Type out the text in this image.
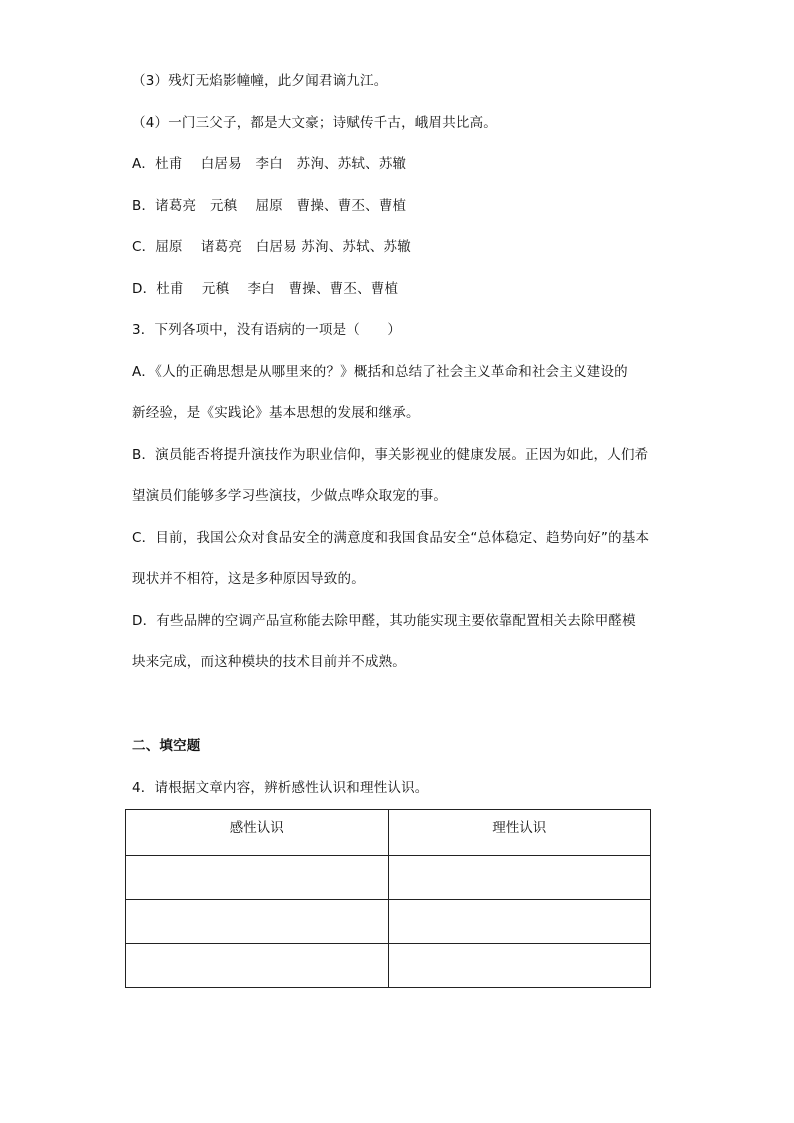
（3）残灯无焰影幢幢，此夕闻君谪九江。
（4）一门三父子，都是大文豪；诗赋传千古，峨眉共比高。
A．杜甫　 白居易　李白　苏洵、苏轼、苏辙
B．诸葛亮　元稹　 屈原　曹操、曹丕、曹植
C．屈原　 诸葛亮　白居易 苏洵、苏轼、苏辙
D．杜甫　 元稹　 李白　曹操、曹丕、曹植
3．下列各项中，没有语病的一项是（　　）
A．《人的正确思想是从哪里来的？》概括和总结了社会主义革命和社会主义建设的
新经验，是《实践论》基本思想的发展和继承。
B．演员能否将提升演技作为职业信仰，事关影视业的健康发展。正因为如此，人们希
望演员们能够多学习些演技，少做点哗众取宠的事。
C．目前，我国公众对食品安全的满意度和我国食品安全“总体稳定、趋势向好”的基本
现状并不相符，这是多种原因导致的。
D．有些品牌的空调产品宣称能去除甲醛，其功能实现主要依靠配置相关去除甲醛模
块来完成，而这种模块的技术目前并不成熟。
二、填空题
4．请根据文章内容，辨析感性认识和理性认识。
感性认识	理性认识
